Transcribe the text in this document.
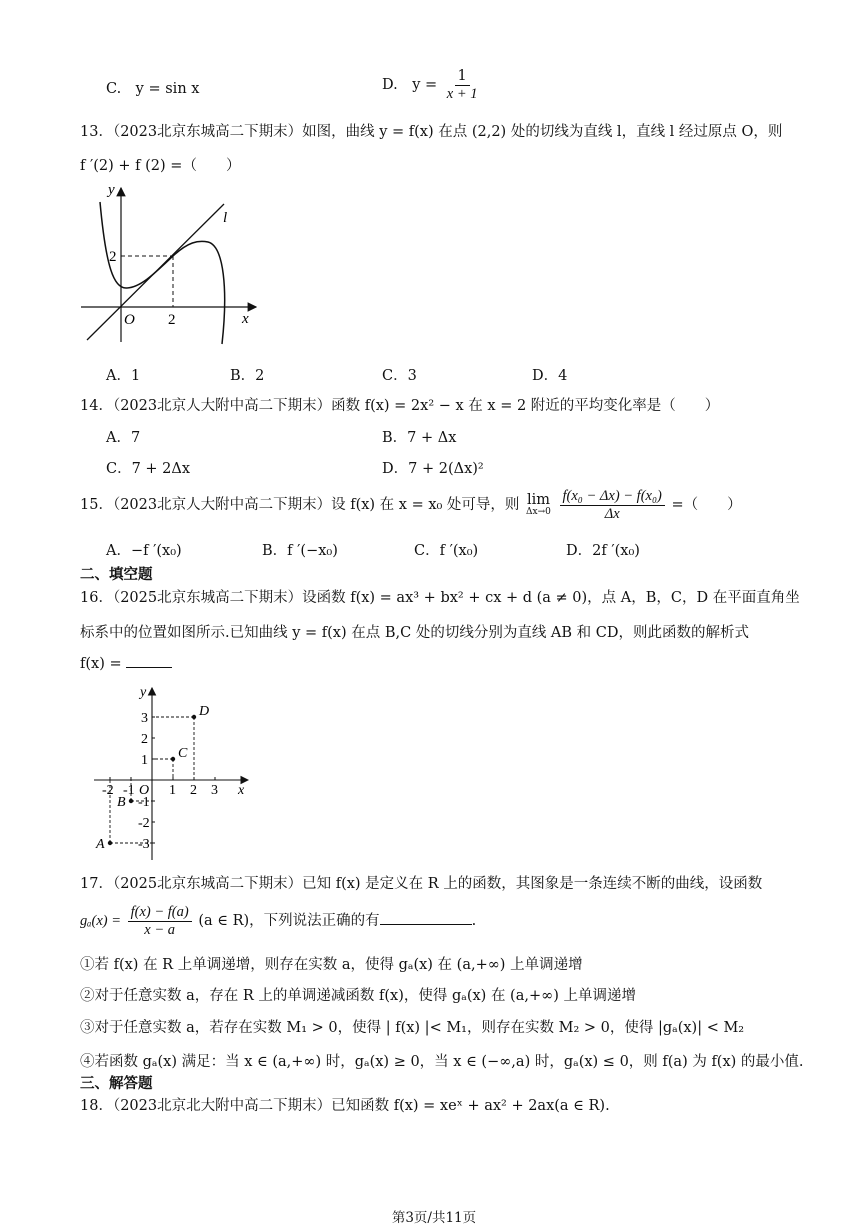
C.　y = sin x	D.　$y = \frac{1}{x + 1}$
13．（2023北京东城高二下期末）如图，曲线 y = f(x) 在点 (2,2) 处的切线为直线 l，直线 l 经过原点 O，则
f ′(2) + f (2) =（　　）
y
x
O 2
2
l
A．1	B．2	C．3	D．4
14．（2023北京人大附中高二下期末）函数 f(x) = 2x² − x 在 x = 2 附近的平均变化率是（　　）
A．7	B．7 + Δx
C．7 + 2Δx	D．7 + 2(Δx)²
15．（2023北京人大附中高二下期末）设 f(x) 在 x = x₀ 处可导，则 lim
Δx→0
$\frac{\text{f(x₀ − Δx) − f(x₀)}}{\Delta x}$ =（　　）
A．−f ′(x₀)	B．f ′(−x₀)	C．f ′(x₀)	D．2f ′(x₀)
二、填空题
16．（2025北京东城高二下期末）设函数 f(x) = ax³ + bx² + cx + d (a ≠ 0)，点 A，B，C，D 在平面直角坐
标系中的位置如图所示.已知曲线 y = f(x) 在点 B,C 处的切线分别为直线 AB 和 CD，则此函数的解析式
f(x) =
y
x
O
-2 -1 1 2 3
3
2
1
-1
-2
-3
A
B
C
D
17．（2025北京东城高二下期末）已知 f(x) 是定义在 R 上的函数，其图象是一条连续不断的曲线，设函数
$g_a(x) = \frac{f(x) - f(a)}{x - a} (a$ ∈ R)，下列说法正确的有	.
①若 f(x) 在 R 上单调递增，则存在实数 a，使得 gₐ(x) 在 (a,+∞) 上单调递增
②对于任意实数 a，存在 R 上的单调递减函数 f(x)，使得 gₐ(x) 在 (a,+∞) 上单调递增
③对于任意实数 a，若存在实数 M₁ > 0，使得 | f(x) |< M₁，则存在实数 M₂ > 0，使得 |gₐ(x)| < M₂
④若函数 gₐ(x) 满足：当 x ∈ (a,+∞) 时，gₐ(x) ≥ 0，当 x ∈ (−∞,a) 时，gₐ(x) ≤ 0，则 f(a) 为 f(x) 的最小值.
三、解答题
18．（2023北京北大附中高二下期末）已知函数 f(x) = xeˣ + ax² + 2ax(a ∈ R).
第3页/共11页
